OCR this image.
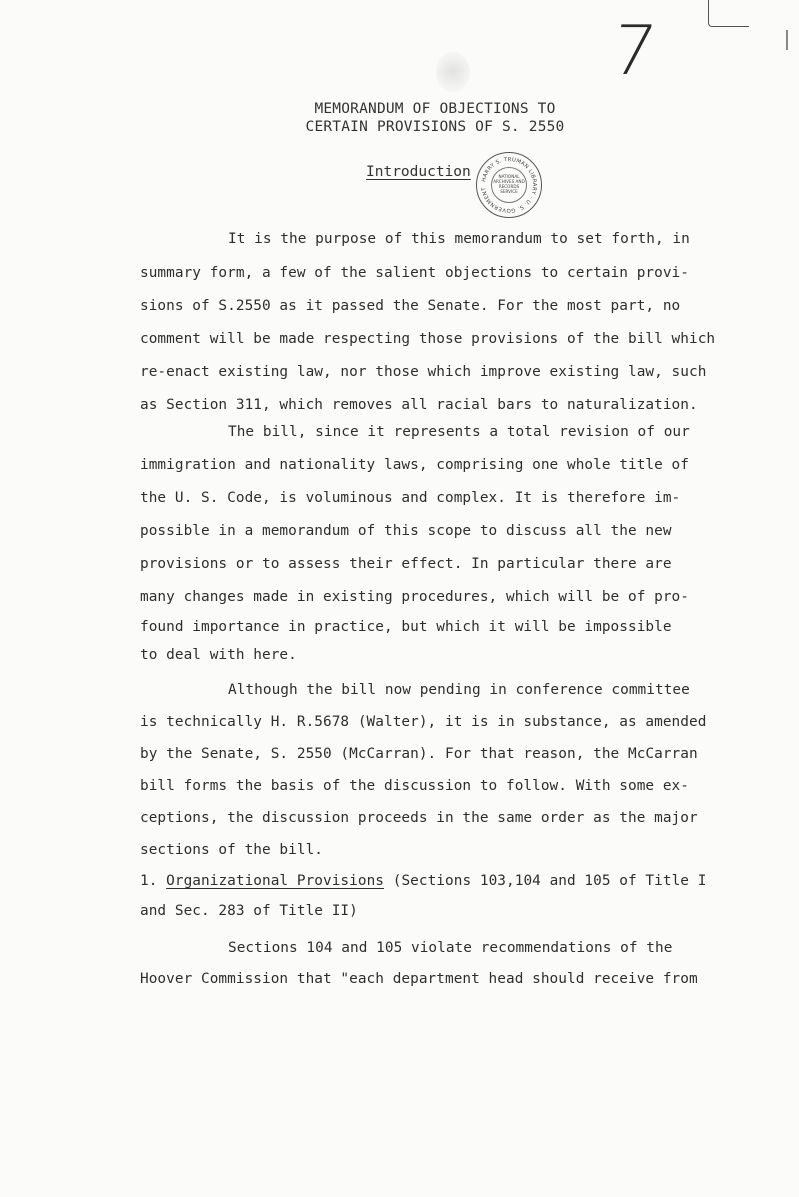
7
MEMORANDUM OF OBJECTIONS TO
CERTAIN PROVISIONS OF S. 2550
Introduction HARRY S. TRUMAN LIBRARY · U. S. GOVERNMENT
NATIONAL
ARCHIVES AND
RECORDS
SERVICE
It is the purpose of this memorandum to set forth, in
summary form, a few of the salient objections to certain provi-
sions of S.2550 as it passed the Senate. For the most part, no
comment will be made respecting those provisions of the bill which
re-enact existing law, nor those which improve existing law, such
as Section 311, which removes all racial bars to naturalization.
The bill, since it represents a total revision of our
immigration and nationality laws, comprising one whole title of
the U. S. Code, is voluminous and complex. It is therefore im-
possible in a memorandum of this scope to discuss all the new
provisions or to assess their effect. In particular there are
many changes made in existing procedures, which will be of pro-
found importance in practice, but which it will be impossible
to deal with here.
Although the bill now pending in conference committee
is technically H. R.5678 (Walter), it is in substance, as amended
by the Senate, S. 2550 (McCarran). For that reason, the McCarran
bill forms the basis of the discussion to follow. With some ex-
ceptions, the discussion proceeds in the same order as the major
sections of the bill.
1. Organizational Provisions (Sections 103,104 and 105 of Title I
and Sec. 283 of Title II)
Sections 104 and 105 violate recommendations of the
Hoover Commission that "each department head should receive from
